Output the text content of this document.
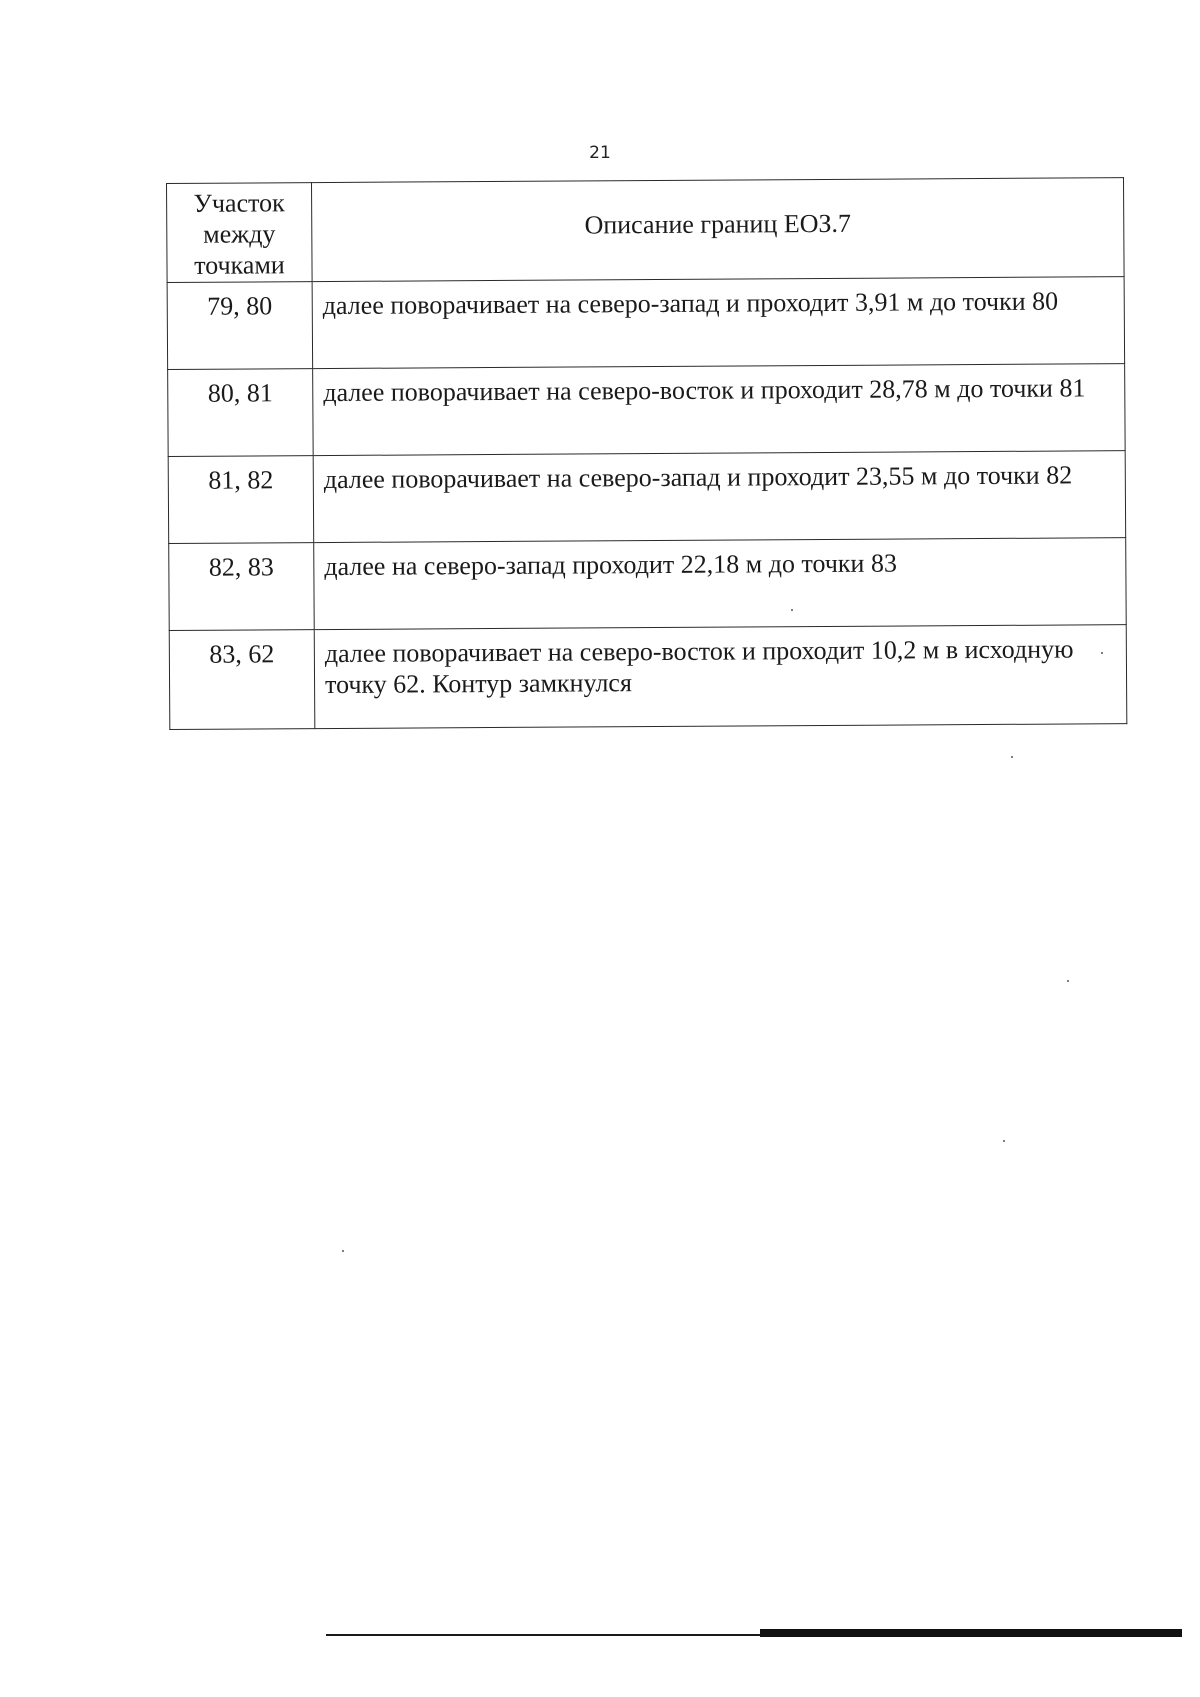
21
Участок между точками	Описание границ ЕОЗ.7
79, 80	далее поворачивает на северо-запад и проходит 3,91 м до точки 80
80, 81	далее поворачивает на северо-восток и проходит 28,78 м до точки 81
81, 82	далее поворачивает на северо-запад и проходит 23,55 м до точки 82
82, 83	далее на северо-запад проходит 22,18 м до точки 83
83, 62	далее поворачивает на северо-восток и проходит 10,2 м в исходную точку 62. Контур замкнулся
